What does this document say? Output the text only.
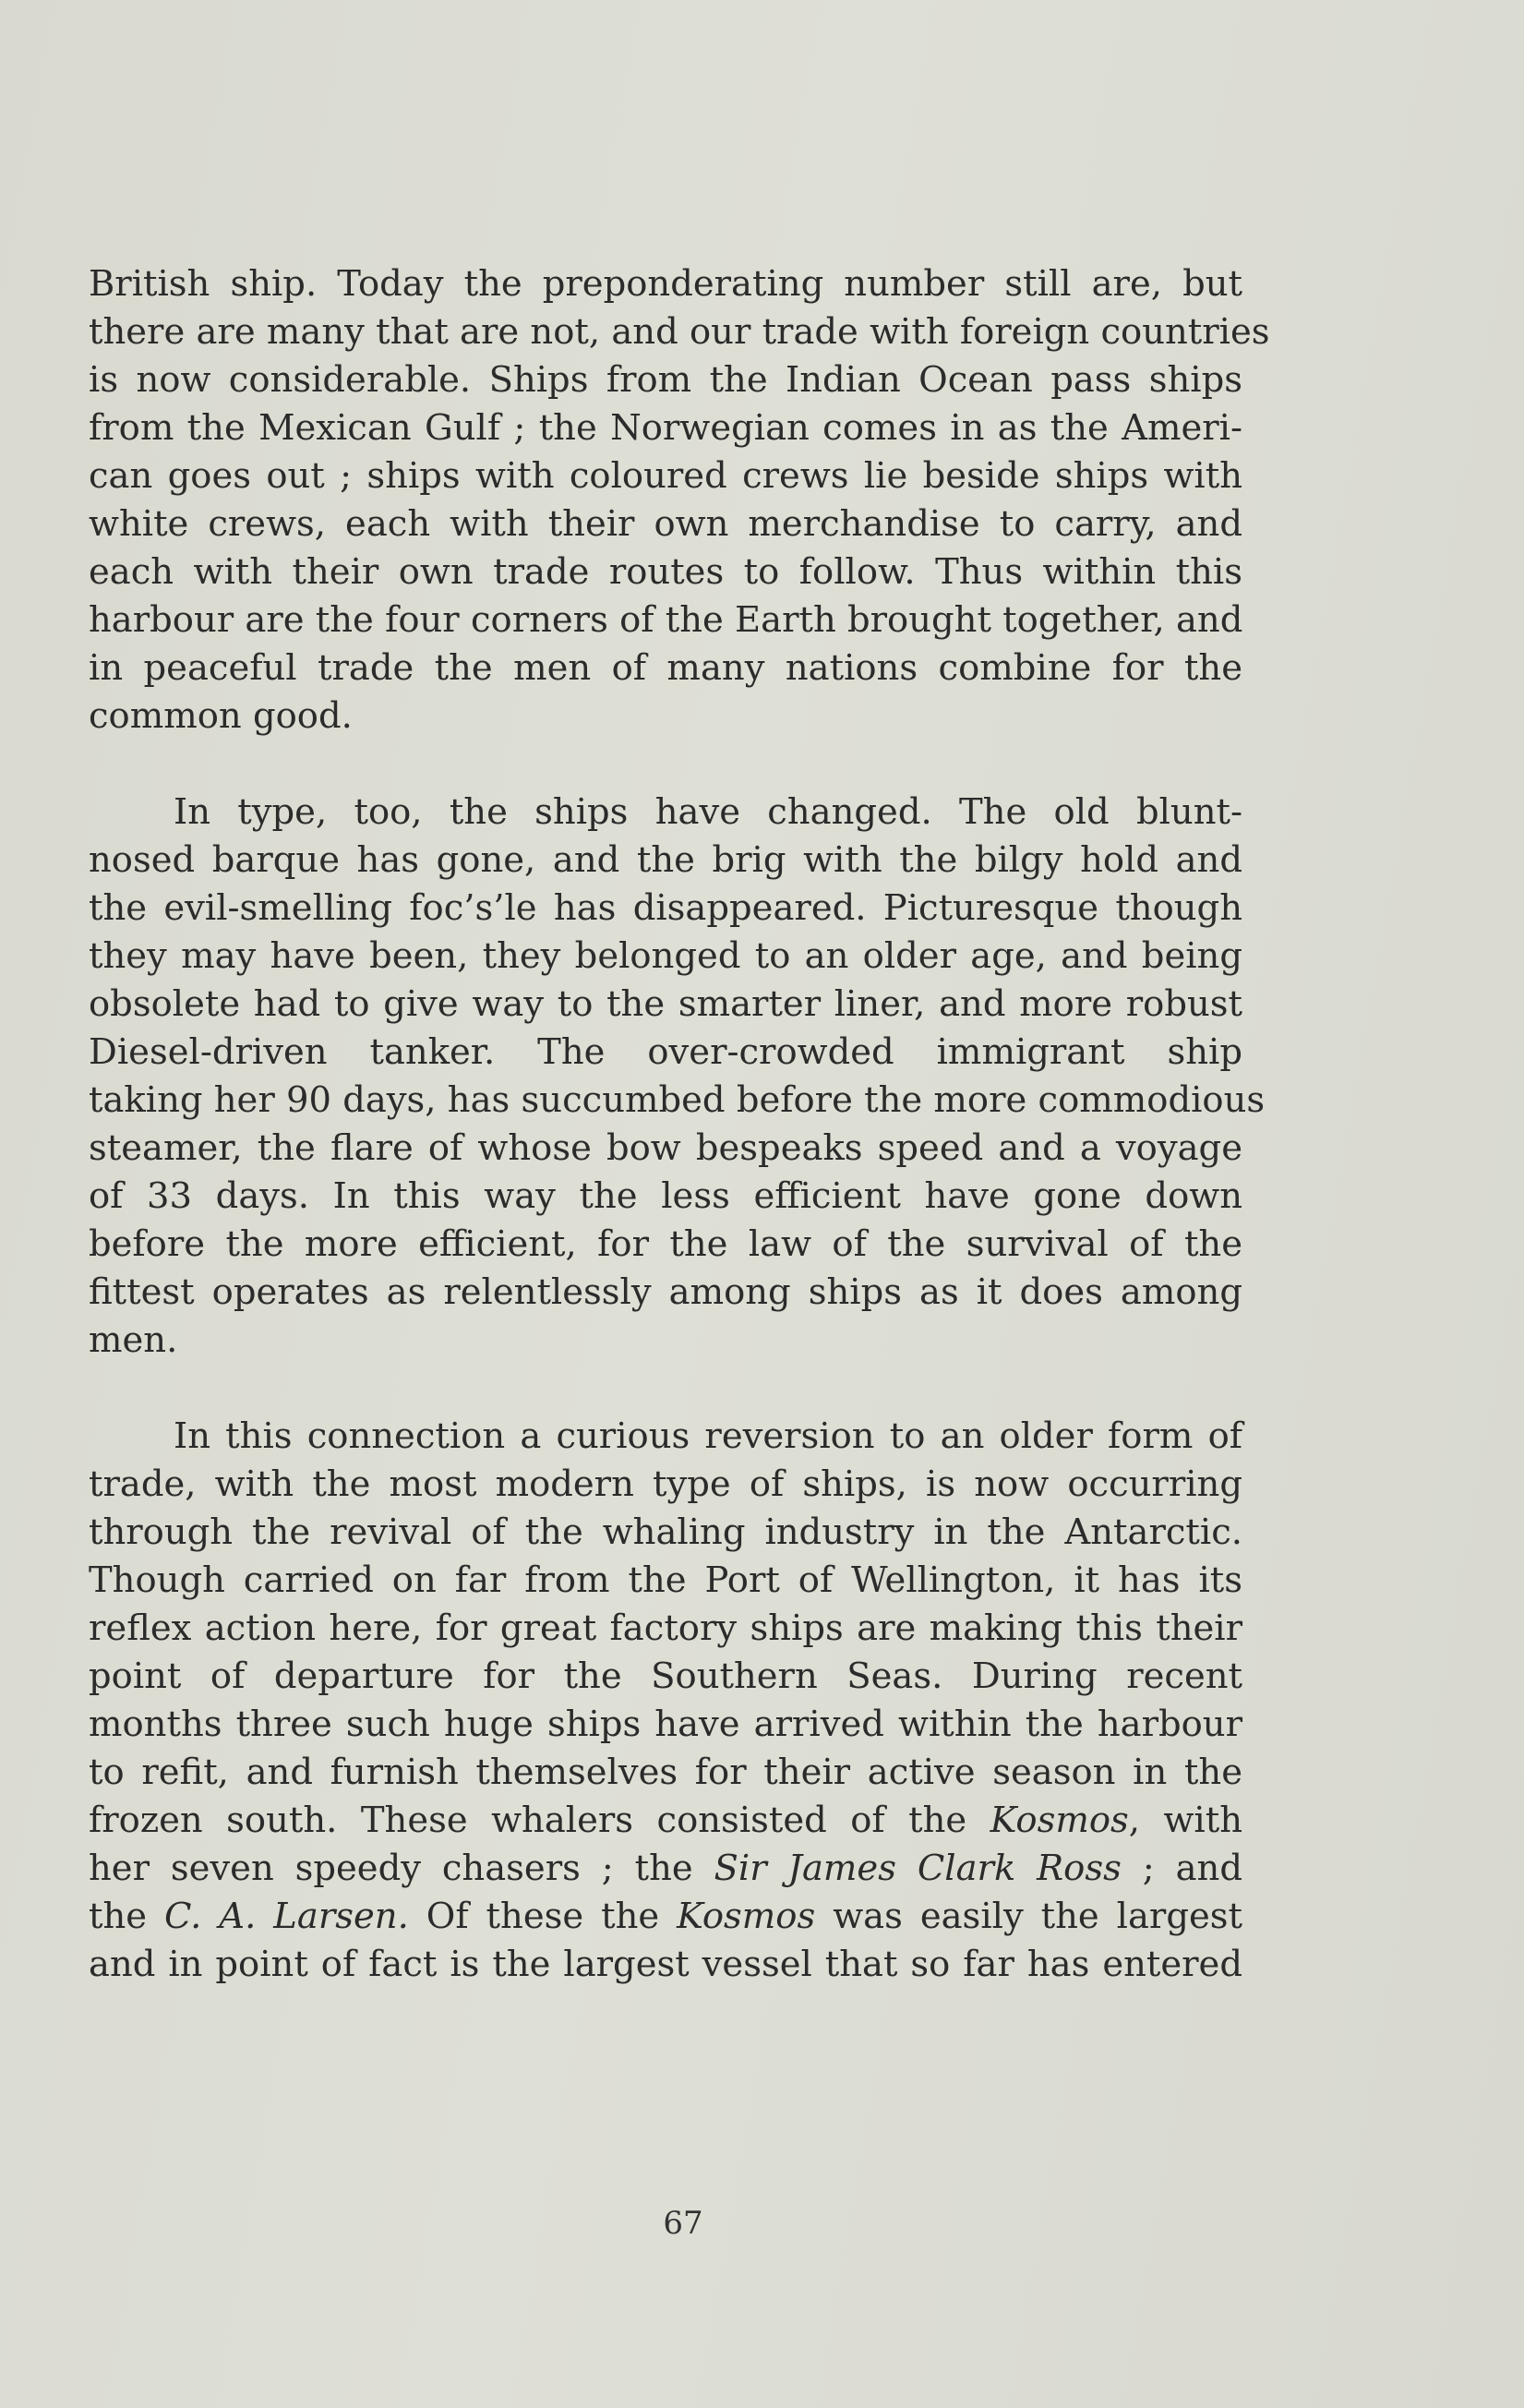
British ship. Today the preponderating number still are, but
there are many that are not, and our trade with foreign countries
is now considerable. Ships from the Indian Ocean pass ships
from the Mexican Gulf ; the Norwegian comes in as the Ameri-
can goes out ; ships with coloured crews lie beside ships with
white crews, each with their own merchandise to carry, and
each with their own trade routes to follow. Thus within this
harbour are the four corners of the Earth brought together, and
in peaceful trade the men of many nations combine for the
common good.
In type, too, the ships have changed. The old blunt-
nosed barque has gone, and the brig with the bilgy hold and
the evil-smelling foc’s’le has disappeared. Picturesque though
they may have been, they belonged to an older age, and being
obsolete had to give way to the smarter liner, and more robust
Diesel-driven tanker. The over-crowded immigrant ship
taking her 90 days, has succumbed before the more commodious
steamer, the flare of whose bow bespeaks speed and a voyage
of 33 days. In this way the less efficient have gone down
before the more efficient, for the law of the survival of the
fittest operates as relentlessly among ships as it does among
men.
In this connection a curious reversion to an older form of
trade, with the most modern type of ships, is now occurring
through the revival of the whaling industry in the Antarctic.
Though carried on far from the Port of Wellington, it has its
reflex action here, for great factory ships are making this their
point of departure for the Southern Seas. During recent
months three such huge ships have arrived within the harbour
to refit, and furnish themselves for their active season in the
frozen south. These whalers consisted of the Kosmos, with
her seven speedy chasers ; the Sir James Clark Ross ; and
the C. A. Larsen. Of these the Kosmos was easily the largest
and in point of fact is the largest vessel that so far has entered
67
